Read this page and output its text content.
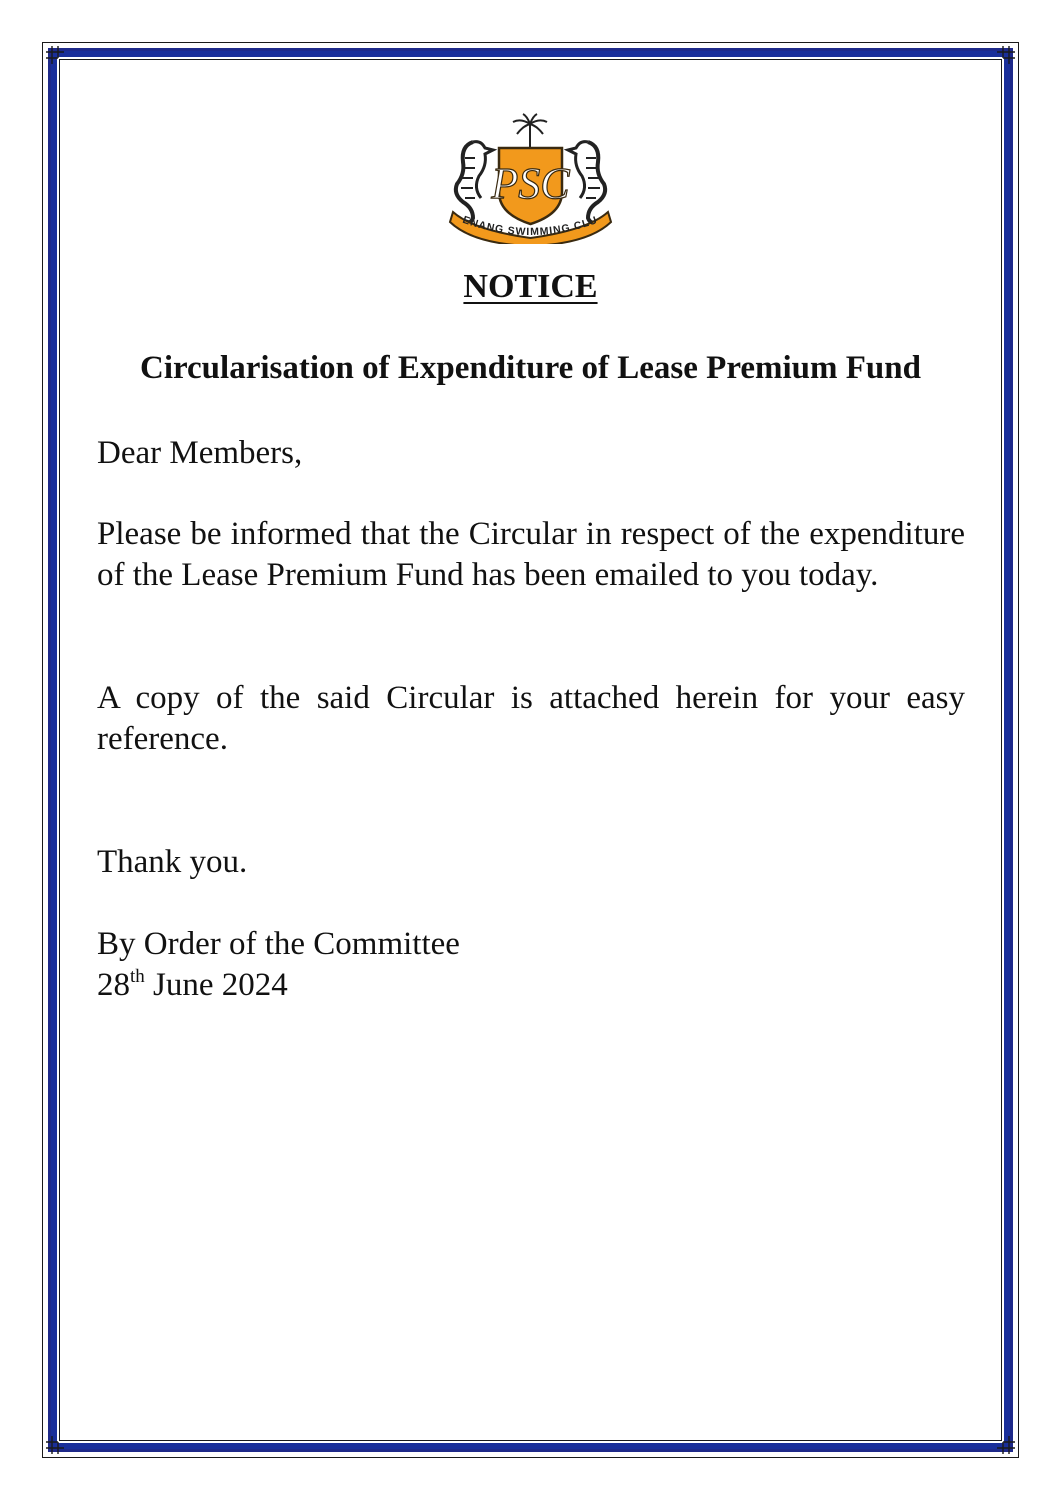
PSC
ENANG SWIMMING CLU
NOTICE
Circularisation of Expenditure of Lease Premium Fund

Dear Members,

Please be informed that the Circular in respect of the expenditure of the Lease Premium Fund has been emailed to you today.

A copy of the said Circular is attached herein for your easy reference.

Thank you.

By Order of the Committee

28th June 2024
